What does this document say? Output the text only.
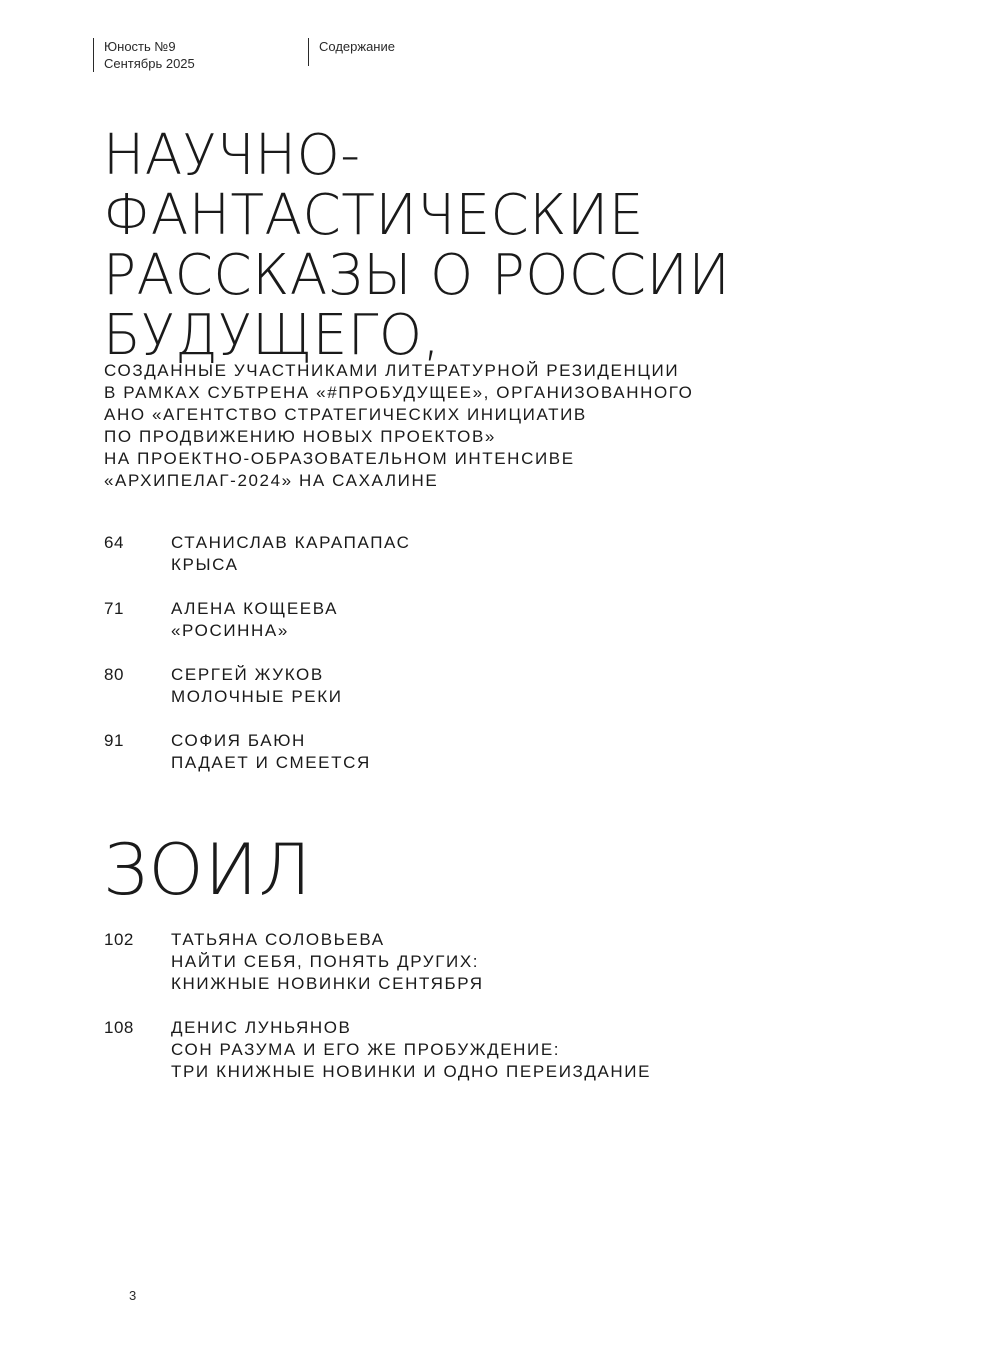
Юность №9
Сентябрь 2025
Содержание
НАУЧНО-
ФАНТАСТИЧЕСКИЕ
РАССКАЗЫ О РОССИИ
БУДУЩЕГО,
СОЗДАННЫЕ УЧАСТНИКАМИ ЛИТЕРАТУРНОЙ РЕЗИДЕНЦИИ
В РАМКАХ СУБТРЕНА «#ПРОБУДУЩЕЕ», ОРГАНИЗОВАННОГО
АНО «АГЕНТСТВО СТРАТЕГИЧЕСКИХ ИНИЦИАТИВ
ПО ПРОДВИЖЕНИЮ НОВЫХ ПРОЕКТОВ»
НА ПРОЕКТНО-ОБРАЗОВАТЕЛЬНОМ ИНТЕНСИВЕ
«АРХИПЕЛАГ-2024» НА САХАЛИНЕ
64	СТАНИСЛАВ КАРАПАПАС
КРЫСА
71	АЛЕНА КОЩЕЕВА
«РОСИННА»
80	СЕРГЕЙ ЖУКОВ
МОЛОЧНЫЕ РЕКИ
91	СОФИЯ БАЮН
ПАДАЕТ И СМЕЕТСЯ
ЗОИЛ
102 ТАТЬЯНА СОЛОВЬЕВА
НАЙТИ СЕБЯ, ПОНЯТЬ ДРУГИХ:
КНИЖНЫЕ НОВИНКИ СЕНТЯБРЯ
108 ДЕНИС ЛУНЬЯНОВ
СОН РАЗУМА И ЕГО ЖЕ ПРОБУЖДЕНИЕ:
ТРИ КНИЖНЫЕ НОВИНКИ И ОДНО ПЕРЕИЗДАНИЕ
3
